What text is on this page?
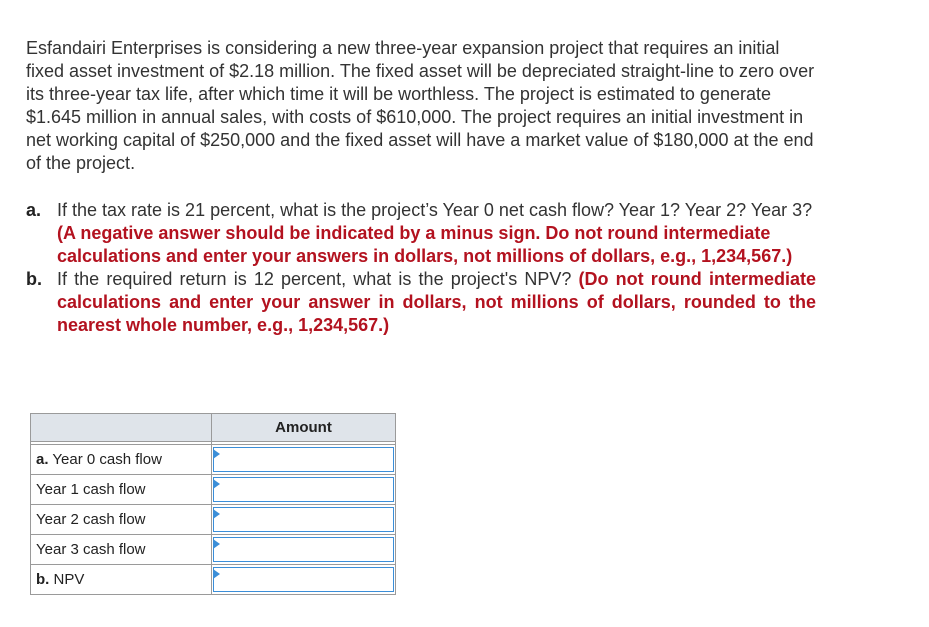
Esfandairi Enterprises is considering a new three-year expansion project that requires an initial fixed asset investment of $2.18 million. The fixed asset will be depreciated straight-line to zero over its three-year tax life, after which time it will be worthless. The project is estimated to generate $1.645 million in annual sales, with costs of $610,000. The project requires an initial investment in net working capital of $250,000 and the fixed asset will have a market value of $180,000 at the end of the project.

a. If the tax rate is 21 percent, what is the project’s Year 0 net cash flow? Year 1? Year 2? Year 3? (A negative answer should be indicated by a minus sign. Do not round intermediate calculations and enter your answers in dollars, not millions of dollars, e.g., 1,234,567.)
b. If the required return is 12 percent, what is the project's NPV? (Do not round intermediate calculations and enter your answer in dollars, not millions of dollars, rounded to the nearest whole number, e.g., 1,234,567.)
	Amount

a. Year 0 cash flow	

Year 1 cash flow	

Year 2 cash flow	

Year 3 cash flow	

b. NPV	
